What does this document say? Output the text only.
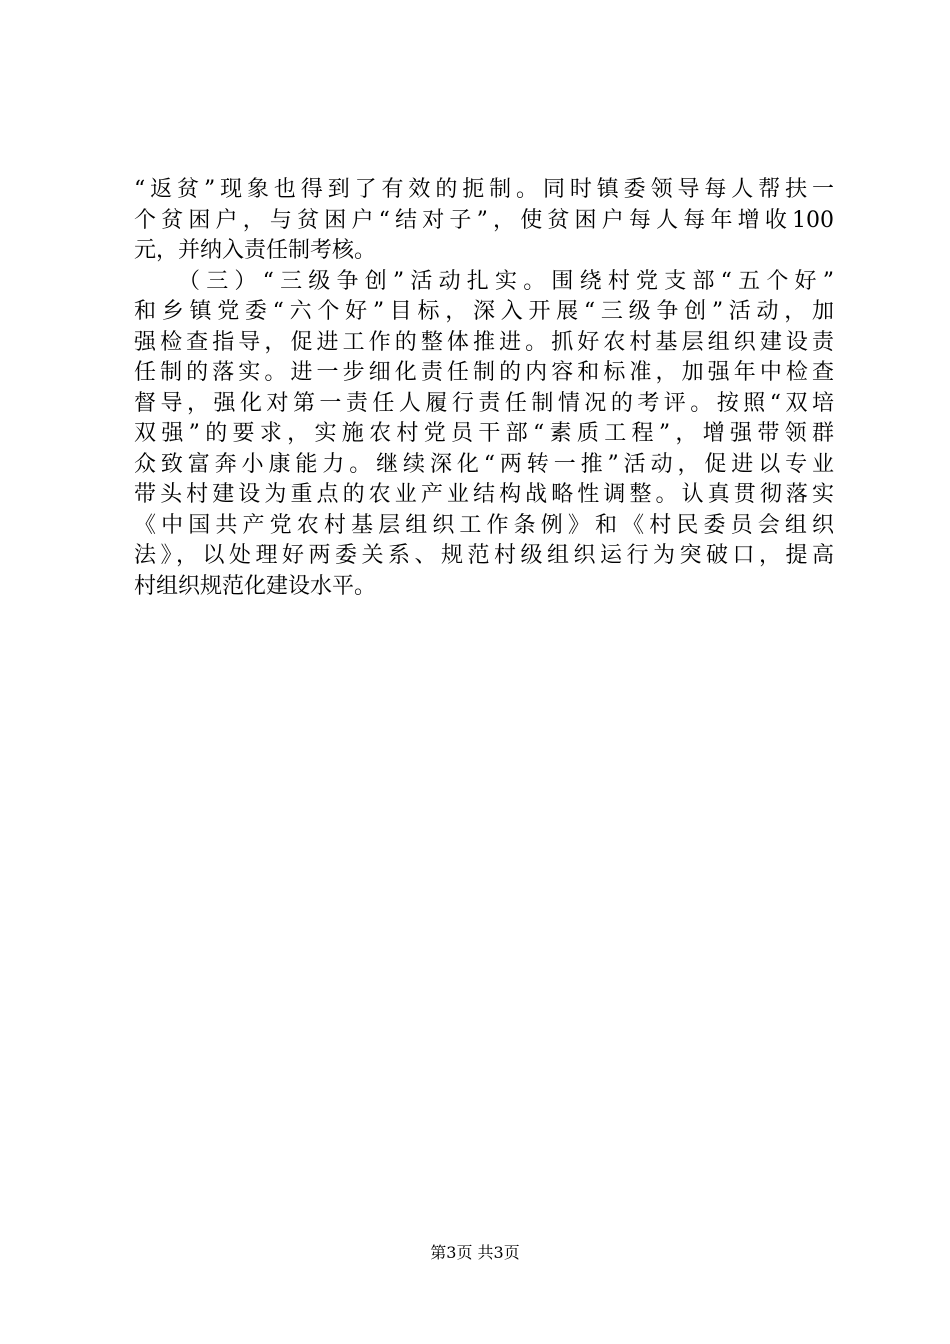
“返贫”现象也得到了有效的扼制。同时镇委领导每人帮扶一
个贫困户，与贫困户“结对子”，使贫困户每人每年增收100
元，并纳入责任制考核。
（三）“三级争创”活动扎实。围绕村党支部“五个好”
和乡镇党委“六个好”目标，深入开展“三级争创”活动，加
强检查指导，促进工作的整体推进。抓好农村基层组织建设责
任制的落实。进一步细化责任制的内容和标准，加强年中检查
督导，强化对第一责任人履行责任制情况的考评。按照“双培
双强”的要求，实施农村党员干部“素质工程”，增强带领群
众致富奔小康能力。继续深化“两转一推”活动，促进以专业
带头村建设为重点的农业产业结构战略性调整。认真贯彻落实
《中国共产党农村基层组织工作条例》和《村民委员会组织
法》，以处理好两委关系、规范村级组织运行为突破口，提高
村组织规范化建设水平。
第3页 共3页
